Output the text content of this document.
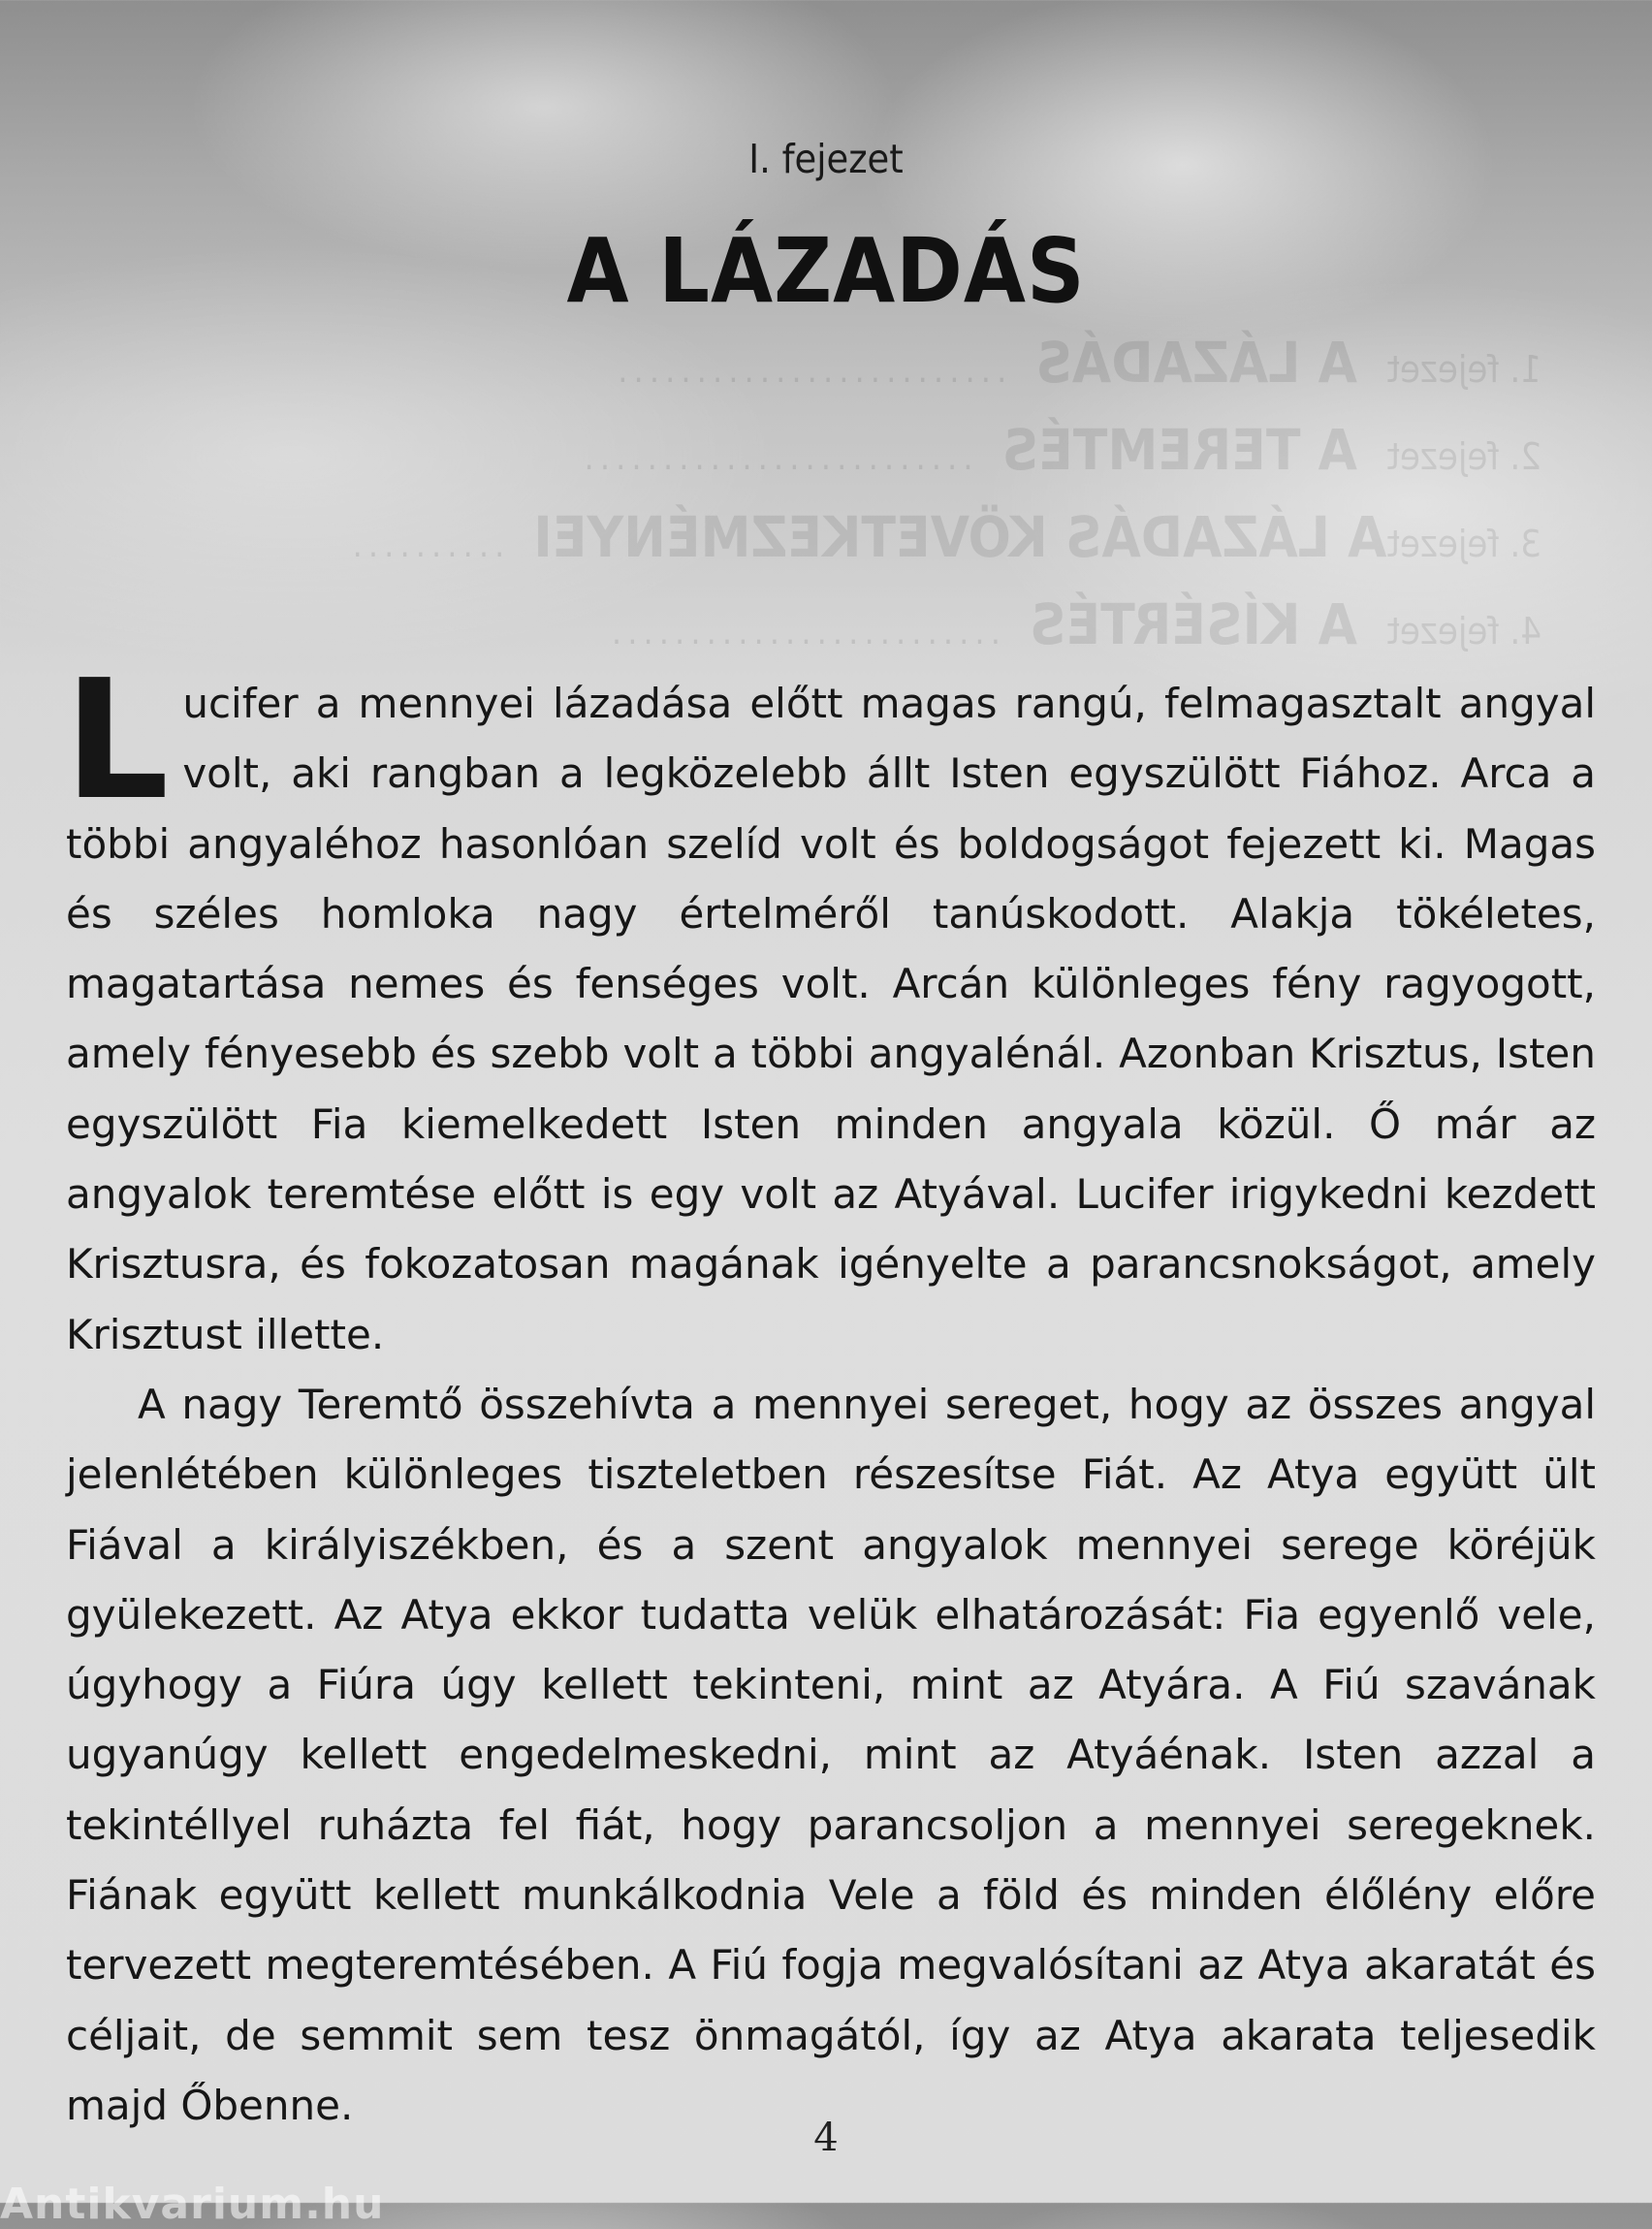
1. fejezet
A LÁZADÁS
.........................
2. fejezet
A TEREMTÉS
.........................
3. fejezet
A LÁZADÁS KÖVETKEZMÉNYEI
..........
4. fejezet
A KÍSÉRTÉS
.........................
I. fejezet
A LÁZADÁS

Lucifer a mennyei lázadása előtt magas rangú, felmagasztalt angyal volt, aki rangban a legközelebb állt Isten egyszülött Fiához. Arca a többi angyaléhoz hasonlóan szelíd volt és boldogságot fejezett ki. Magas és széles homloka nagy értelméről tanúskodott. Alakja tökéletes, magatartása nemes és fenséges volt. Arcán különleges fény ragyogott, amely fényesebb és szebb volt a többi angyalénál. Azonban Krisztus, Isten egyszülött Fia kiemelkedett Isten minden angyala közül. Ő már az angyalok teremtése előtt is egy volt az Atyával. Lucifer irigykedni kezdett Krisztusra, és fokozatosan magának igényelte a parancsnokságot, amely Krisztust illette.

A nagy Teremtő összehívta a mennyei sereget, hogy az összes angyal jelenlétében különleges tiszteletben részesítse Fiát. Az Atya együtt ült Fiával a királyiszékben, és a szent angyalok mennyei serege köréjük gyülekezett. Az Atya ekkor tudatta velük elhatározását: Fia egyenlő vele, úgyhogy a Fiúra úgy kellett tekinteni, mint az Atyára. A Fiú szavának ugyanúgy kellett engedelmeskedni, mint az Atyáénak. Isten azzal a tekintéllyel ruházta fel fiát, hogy parancsoljon a mennyei seregeknek. Fiának együtt kellett munkálkodnia Vele a föld és minden élőlény előre tervezett megteremtésében. A Fiú fogja megvalósítani az Atya akaratát és céljait, de semmit sem tesz önmagától, így az Atya akarata teljesedik majd Őbenne.

4
Antikvarium.hu
